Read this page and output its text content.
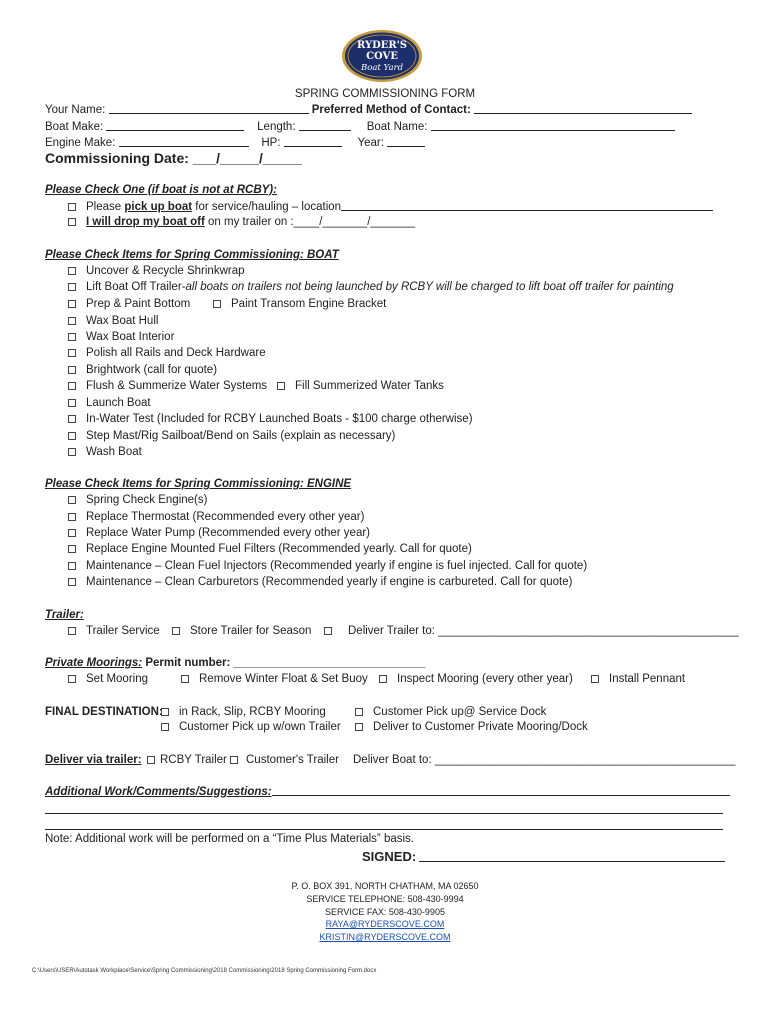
RYDER'S
COVE
Boat Yard
SPRING COMMISSIONING FORM
Your Name:	Preferred Method of Contact:
Boat Make:	Length:	Boat Name:
Engine Make:	HP:	Year:
Commissioning Date: ___/_____/_____
Please Check One (if boat is not at RCBY):
Please pick up boat for service/hauling – location
I will drop my boat off on my trailer on :____/_______/_______
Please Check Items for Spring Commissioning: BOAT
Uncover & Recycle Shrinkwrap
Lift Boat Off Trailer-all boats on trailers not being launched by RCBY will be charged to lift boat off trailer for painting
Prep & Paint Bottom	Paint Transom Engine Bracket
Wax Boat Hull
Wax Boat Interior
Polish all Rails and Deck Hardware
Brightwork (call for quote)
Flush & Summerize Water Systems	Fill Summerized Water Tanks
Launch Boat
In-Water Test (Included for RCBY Launched Boats - $100 charge otherwise)
Step Mast/Rig Sailboat/Bend on Sails (explain as necessary)
Wash Boat
Please Check Items for Spring Commissioning: ENGINE
Spring Check Engine(s)
Replace Thermostat (Recommended every other year)
Replace Water Pump (Recommended every other year)
Replace Engine Mounted Fuel Filters (Recommended yearly. Call for quote)
Maintenance – Clean Fuel Injectors (Recommended yearly if engine is fuel injected. Call for quote)
Maintenance – Clean Carburetors (Recommended yearly if engine is carbureted. Call for quote)
Trailer:
Trailer Service	Store Trailer for Season	Deliver Trailer to: _______________________________________________
Private Moorings: Permit number: ______________________________
Set Mooring	Remove Winter Float & Set Buoy	Inspect Mooring (every other year)	Install Pennant
FINAL DESTINATION:	in Rack, Slip, RCBY Mooring	Customer Pick up@ Service Dock
Customer Pick up w/own Trailer	Deliver to Customer Private Mooring/Dock
Deliver via trailer:	RCBY Trailer	Customer's Trailer Deliver Boat to: _______________________________________________
Additional Work/Comments/Suggestions:
Note: Additional work will be performed on a “Time Plus Materials” basis.
SIGNED:
P. O. BOX 391, NORTH CHATHAM, MA 02650
SERVICE TELEPHONE: 508-430-9994
SERVICE FAX: 508-430-9905
RAYA@RYDERSCOVE.COM
KRISTIN@RYDERSCOVE.COM
C:\Users\USER\Autotask Workplace\Service\Spring Commissioning\2018 Commissioning\2018 Spring Commissioning Form.docx
